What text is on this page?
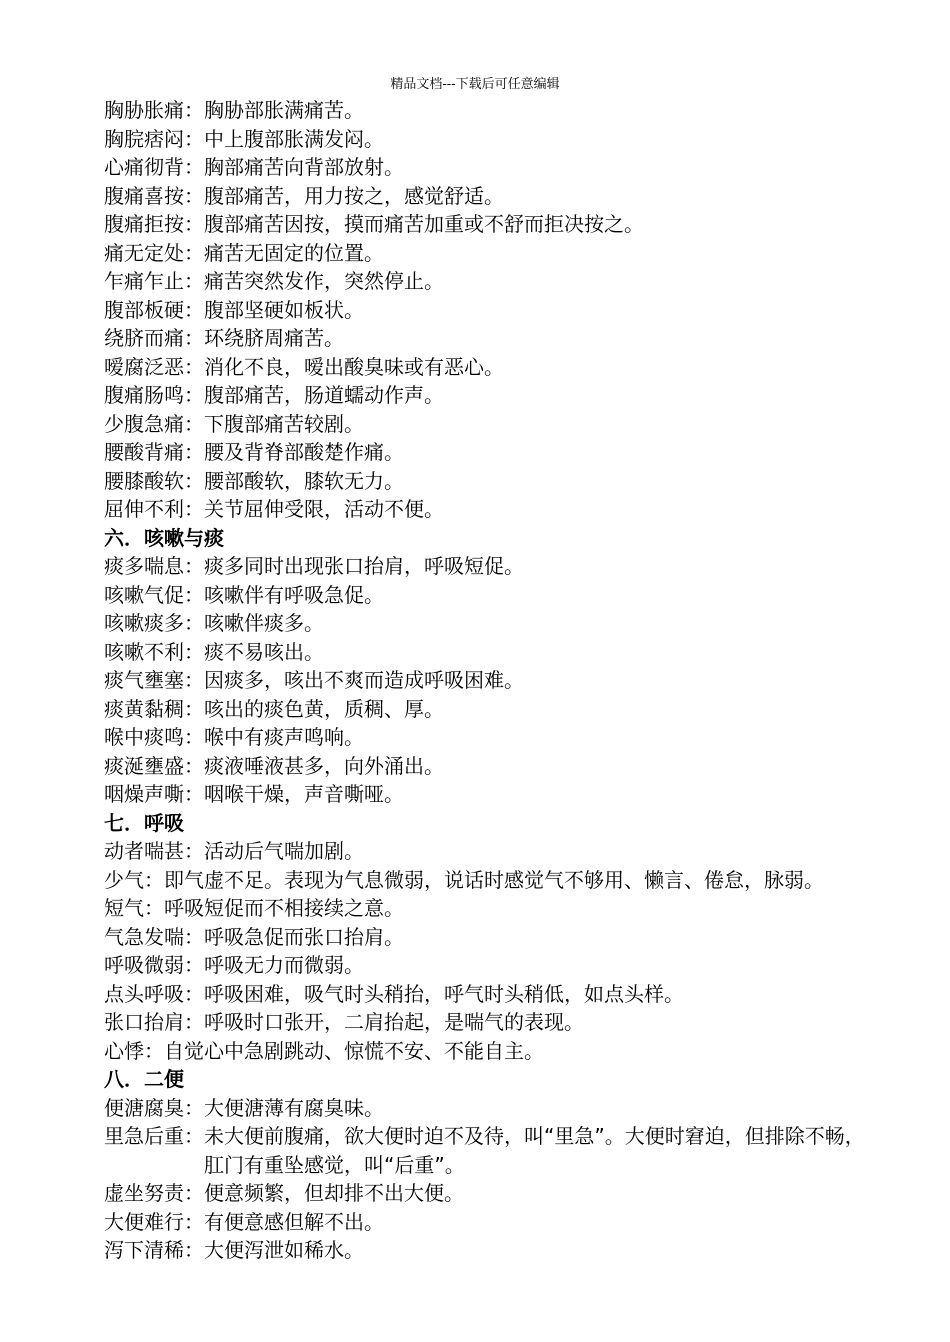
精品文档---下载后可任意编辑
胸胁胀痛：胸胁部胀满痛苦。
胸脘痞闷：中上腹部胀满发闷。
心痛彻背：胸部痛苦向背部放射。
腹痛喜按：腹部痛苦，用力按之，感觉舒适。
腹痛拒按：腹部痛苦因按，摸而痛苦加重或不舒而拒决按之。
痛无定处：痛苦无固定的位置。
乍痛乍止：痛苦突然发作，突然停止。
腹部板硬：腹部坚硬如板状。
绕脐而痛：环绕脐周痛苦。
嗳腐泛恶：消化不良，嗳出酸臭味或有恶心。
腹痛肠鸣：腹部痛苦，肠道蠕动作声。
少腹急痛：下腹部痛苦较剧。
腰酸背痛：腰及背脊部酸楚作痛。
腰膝酸软：腰部酸软，膝软无力。
屈伸不利：关节屈伸受限，活动不便。
六．咳嗽与痰
痰多喘息：痰多同时出现张口抬肩，呼吸短促。
咳嗽气促：咳嗽伴有呼吸急促。
咳嗽痰多：咳嗽伴痰多。
咳嗽不利：痰不易咳出。
痰气壅塞：因痰多，咳出不爽而造成呼吸困难。
痰黄黏稠：咳出的痰色黄，质稠、厚。
喉中痰鸣：喉中有痰声鸣响。
痰涎壅盛：痰液唾液甚多，向外涌出。
咽燥声嘶：咽喉干燥，声音嘶哑。
七．呼吸
动者喘甚：活动后气喘加剧。
少气：即气虚不足。表现为气息微弱，说话时感觉气不够用、懒言、倦怠，脉弱。
短气：呼吸短促而不相接续之意。
气急发喘：呼吸急促而张口抬肩。
呼吸微弱：呼吸无力而微弱。
点头呼吸：呼吸困难，吸气时头稍抬，呼气时头稍低，如点头样。
张口抬肩：呼吸时口张开，二肩抬起，是喘气的表现。
心悸：自觉心中急剧跳动、惊慌不安、不能自主。
八．二便
便溏腐臭：大便溏薄有腐臭味。
里急后重： 未大便前腹痛，欲大便时迫不及待，叫“里急”。大便时窘迫，但排除不畅，肛门有重坠感觉，叫“后重”。
虚坐努责：便意频繁，但却排不出大便。
大便难行：有便意感但解不出。
泻下清稀：大便泻泄如稀水。
